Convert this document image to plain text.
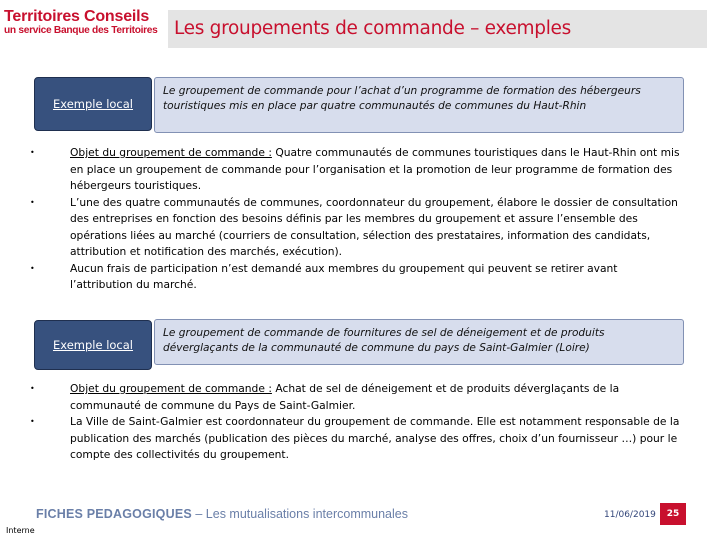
Territoires Conseils
un service Banque des Territoires Les groupements de commande – exemples
Exemple local
Le groupement de commande pour l’achat d’un programme de formation des hébergeurs touristiques mis en place par quatre communautés de communes du Haut-Rhin
•	Objet du groupement de commande : Quatre communautés de communes touristiques dans le Haut-Rhin ont mis en place un groupement de commande pour l’organisation et la promotion de leur programme de formation des hébergeurs touristiques.
•	L’une des quatre communautés de communes, coordonnateur du groupement, élabore le dossier de consultation des entreprises en fonction des besoins définis par les membres du groupement et assure l’ensemble des opérations liées au marché (courriers de consultation, sélection des prestataires, information des candidats, attribution et notification des marchés, exécution).
•	Aucun frais de participation n’est demandé aux membres du groupement qui peuvent se retirer avant l’attribution du marché.
Exemple local
Le groupement de commande de fournitures de sel de déneigement et de produits déverglaçants de la communauté de commune du pays de Saint-Galmier (Loire)
•	Objet du groupement de commande : Achat de sel de déneigement et de produits déverglaçants de la communauté de commune du Pays de Saint-Galmier.
•	La Ville de Saint-Galmier est coordonnateur du groupement de commande. Elle est notamment responsable de la publication des marchés (publication des pièces du marché, analyse des offres, choix d’un fournisseur …) pour le compte des collectivités du groupement.
FICHES PEDAGOGIQUES – Les mutualisations intercommunales	11/06/2019 25
Interne
